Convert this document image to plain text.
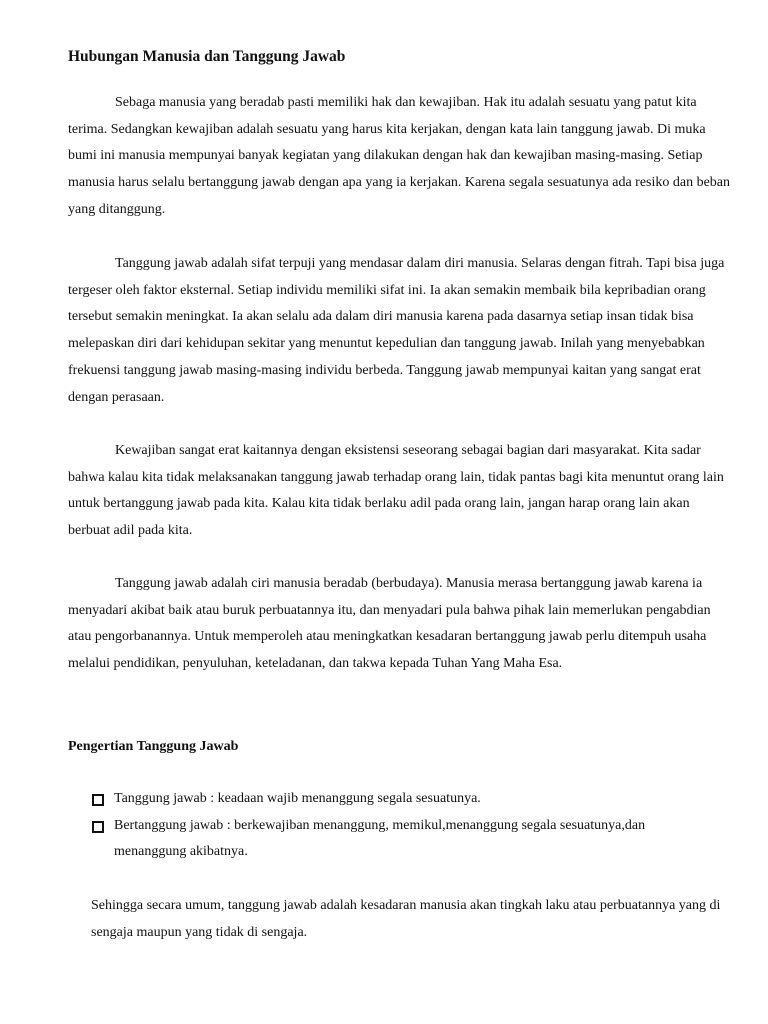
Hubungan Manusia dan Tanggung Jawab

Sebaga manusia yang beradab pasti memiliki hak dan kewajiban. Hak itu adalah sesuatu yang patut kita terima. Sedangkan kewajiban adalah sesuatu yang harus kita kerjakan, dengan kata lain tanggung jawab. Di muka bumi ini manusia mempunyai banyak kegiatan yang dilakukan dengan hak dan kewajiban masing-masing. Setiap manusia harus selalu bertanggung jawab dengan apa yang ia kerjakan. Karena segala sesuatunya ada resiko dan beban yang ditanggung.

Tanggung jawab adalah sifat terpuji yang mendasar dalam diri manusia. Selaras dengan fitrah. Tapi bisa juga tergeser oleh faktor eksternal. Setiap individu memiliki sifat ini. Ia akan semakin membaik bila kepribadian orang tersebut semakin meningkat. Ia akan selalu ada dalam diri manusia karena pada dasarnya setiap insan tidak bisa melepaskan diri dari kehidupan sekitar yang menuntut kepedulian dan tanggung jawab. Inilah yang menyebabkan frekuensi tanggung jawab masing-masing individu berbeda. Tanggung jawab mempunyai kaitan yang sangat erat dengan perasaan.

Kewajiban sangat erat kaitannya dengan eksistensi seseorang sebagai bagian dari masyarakat. Kita sadar bahwa kalau kita tidak melaksanakan tanggung jawab terhadap orang lain, tidak pantas bagi kita menuntut orang lain untuk bertanggung jawab pada kita. Kalau kita tidak berlaku adil pada orang lain, jangan harap orang lain akan berbuat adil pada kita.

Tanggung jawab adalah ciri manusia beradab (berbudaya). Manusia merasa bertanggung jawab karena ia menyadari akibat baik atau buruk perbuatannya itu, dan menyadari pula bahwa pihak lain memerlukan pengabdian atau pengorbanannya. Untuk memperoleh atau meningkatkan kesadaran bertanggung jawab perlu ditempuh usaha melalui pendidikan, penyuluhan, keteladanan, dan takwa kepada Tuhan Yang Maha Esa.

Pengertian Tanggung Jawab
Tanggung jawab : keadaan wajib menanggung segala sesuatunya.
Bertanggung jawab : berkewajiban menanggung, memikul,menanggung segala sesuatunya,dan menanggung akibatnya.

Sehingga secara umum, tanggung jawab adalah kesadaran manusia akan tingkah laku atau perbuatannya yang di sengaja maupun yang tidak di sengaja.
